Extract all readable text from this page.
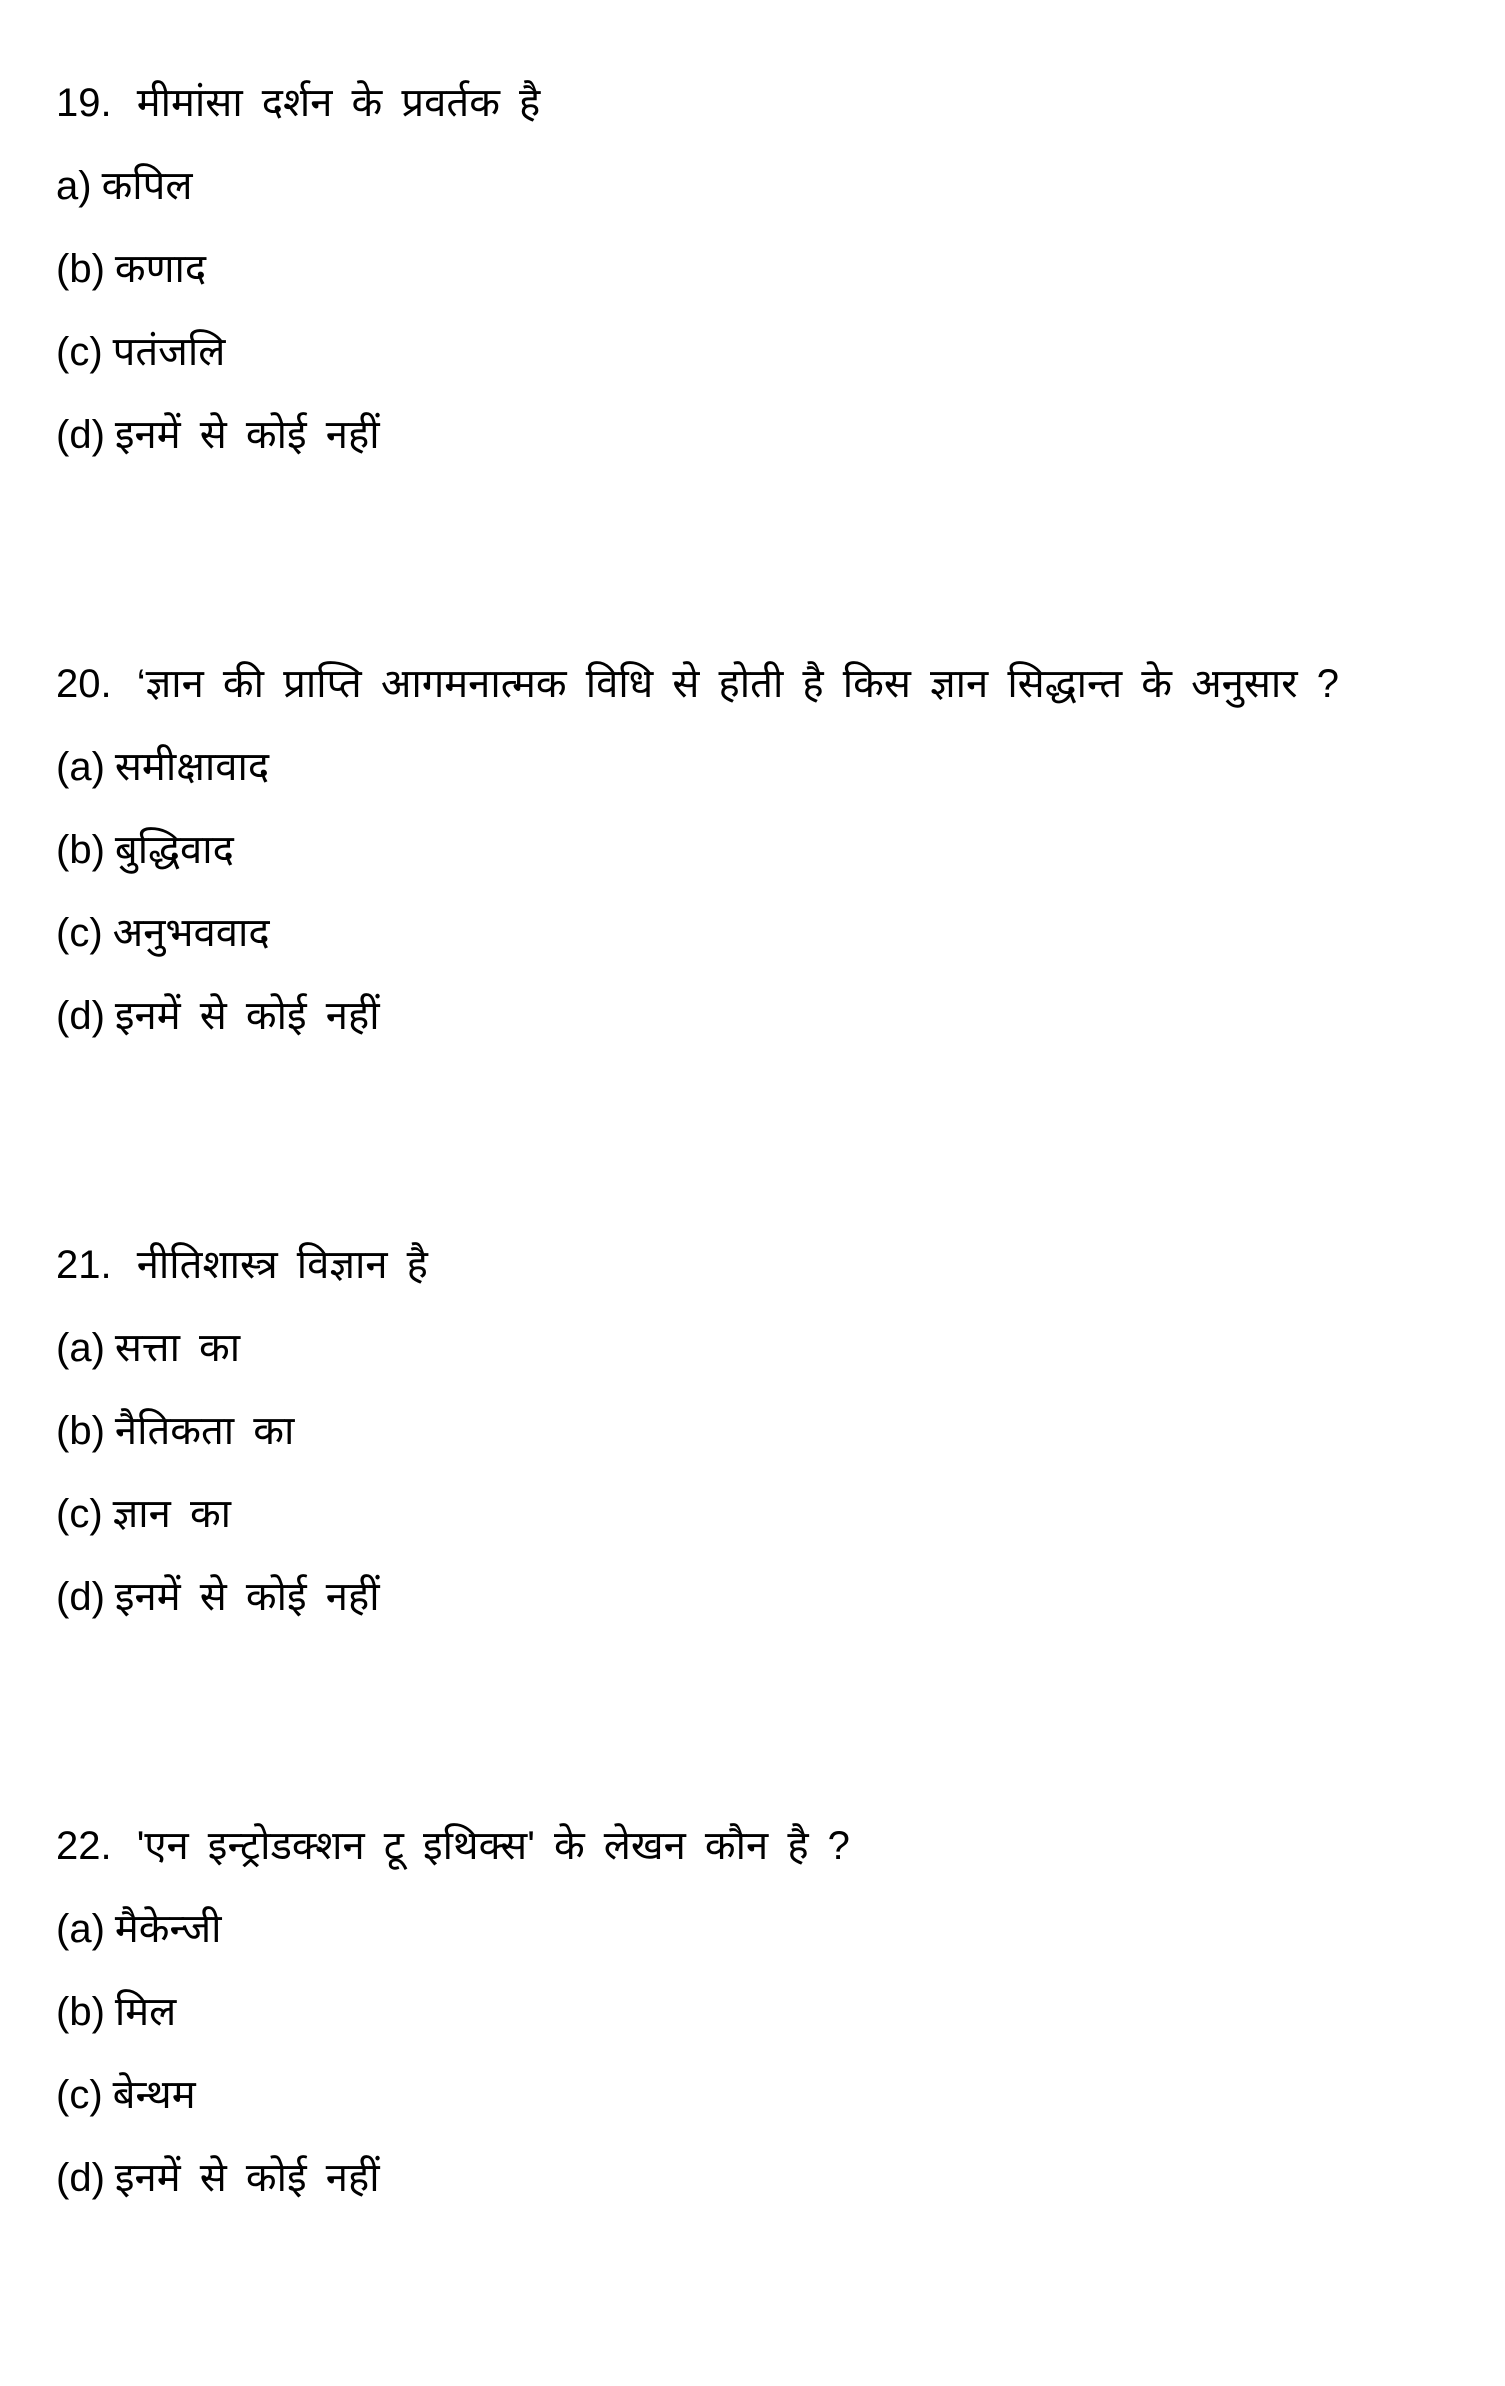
19. मीमांसा दर्शन के प्रवर्तक है
a) कपिल
(b) कणाद
(c) पतंजलि
(d) इनमें से कोई नहीं
20. ‘ज्ञान की प्राप्ति आगमनात्मक विधि से होती है किस ज्ञान सिद्धान्त के अनुसार ?
(a) समीक्षावाद
(b) बुद्धिवाद
(c) अनुभववाद
(d) इनमें से कोई नहीं
21. नीतिशास्त्र विज्ञान है
(a) सत्ता का
(b) नैतिकता का
(c) ज्ञान का
(d) इनमें से कोई नहीं
22. 'एन इन्ट्रोडक्शन टू इथिक्स' के लेखन कौन है ?
(a) मैकेन्जी
(b) मिल
(c) बेन्थम
(d) इनमें से कोई नहीं
